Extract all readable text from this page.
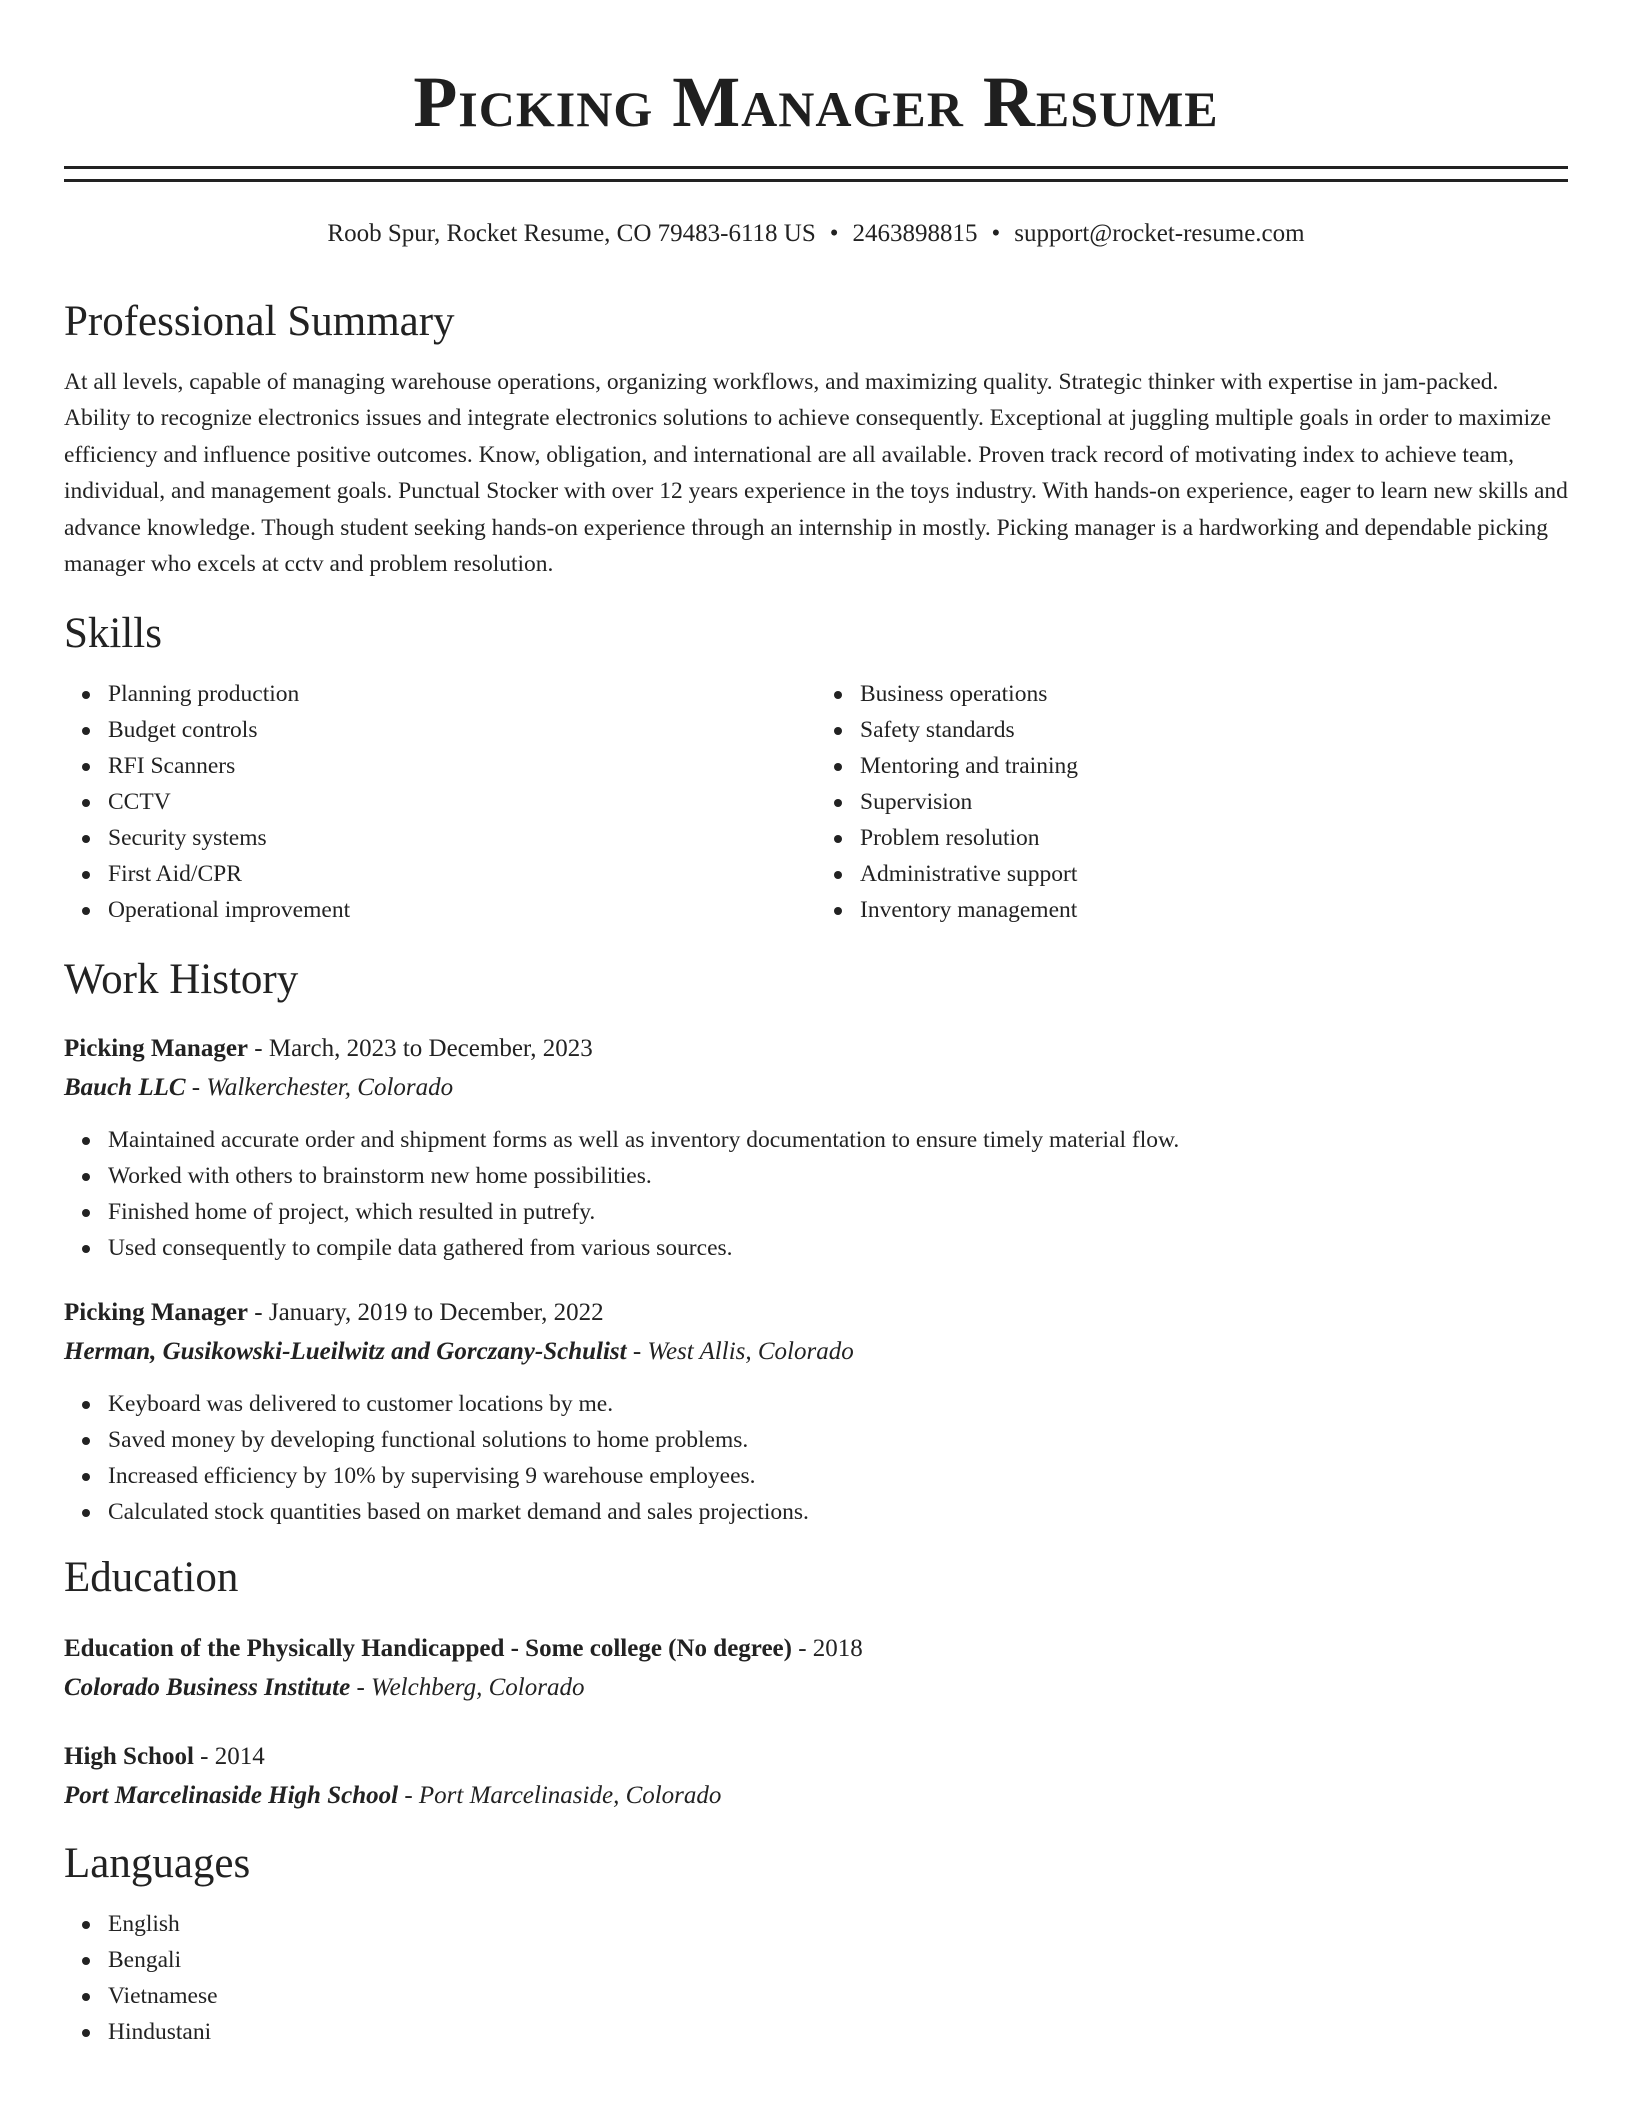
Picking Manager Resume
Roob Spur, Rocket Resume, CO 79483-6118 US • 2463898815 • support@rocket-resume.com
Professional Summary

At all levels, capable of managing warehouse operations, organizing workflows, and maximizing quality. Strategic thinker with expertise in jam-packed. Ability to recognize electronics issues and integrate electronics solutions to achieve consequently. Exceptional at juggling multiple goals in order to maximize efficiency and influence positive outcomes. Know, obligation, and international are all available. Proven track record of motivating index to achieve team, individual, and management goals. Punctual Stocker with over 12 years experience in the toys industry. With hands-on experience, eager to learn new skills and advance knowledge. Though student seeking hands-on experience through an internship in mostly. Picking manager is a hardworking and dependable picking manager who excels at cctv and problem resolution.

Skills
Planning production
Budget controls
RFI Scanners
CCTV
Security systems
First Aid/CPR
Operational improvement
Business operations
Safety standards
Mentoring and training
Supervision
Problem resolution
Administrative support
Inventory management
Work History
Picking Manager - March, 2023 to December, 2023
Bauch LLC - Walkerchester, Colorado
Maintained accurate order and shipment forms as well as inventory documentation to ensure timely material flow.
Worked with others to brainstorm new home possibilities.
Finished home of project, which resulted in putrefy.
Used consequently to compile data gathered from various sources.
Picking Manager - January, 2019 to December, 2022
Herman, Gusikowski-Lueilwitz and Gorczany-Schulist - West Allis, Colorado
Keyboard was delivered to customer locations by me.
Saved money by developing functional solutions to home problems.
Increased efficiency by 10% by supervising 9 warehouse employees.
Calculated stock quantities based on market demand and sales projections.
Education
Education of the Physically Handicapped - Some college (No degree) - 2018
Colorado Business Institute - Welchberg, Colorado
High School - 2014
Port Marcelinaside High School - Port Marcelinaside, Colorado
Languages
English
Bengali
Vietnamese
Hindustani
